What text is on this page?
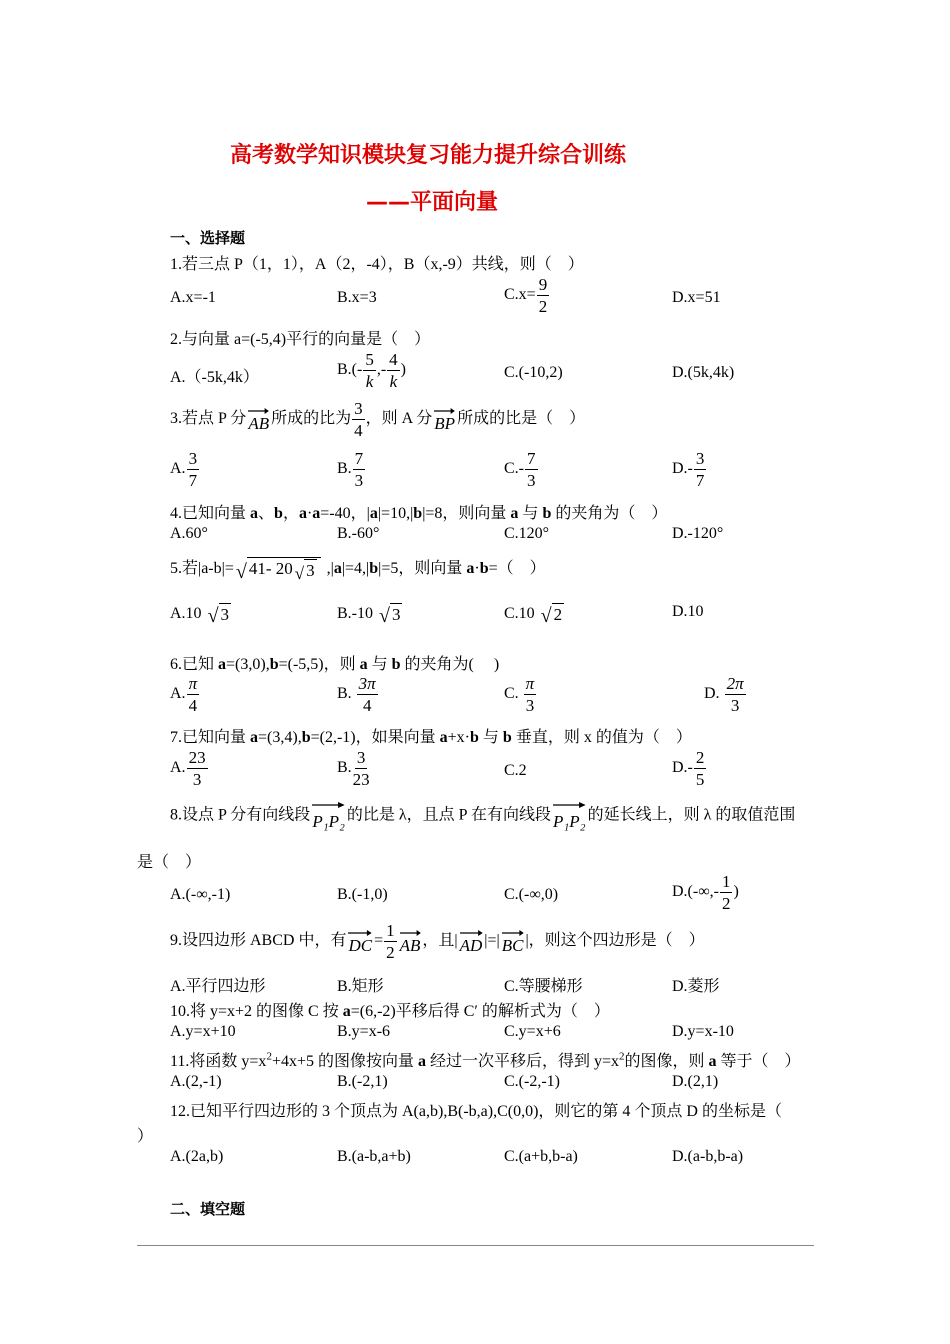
高考数学知识模块复习能力提升综合训练
——平面向量
一、选择题
1.若三点 P（1，1），A（2，-4），B（x,-9）共线，则（　）
A.x=-1	B.x=3	$C.x= \frac{9}{2}$	D.x=51
2.与向量 a=(-5,4)平行的向量是（　）
A.（-5k,4k）	$B.(- \frac{5}{k}$ ,- $\frac{4}{k}$ )	C.(-10,2)	D.(5k,4k)
3.若点 P 分 AB 所成的比为 $\frac{3}{4}$ ，则 A 分 BP 所成的比是（　）
A. $\frac{3}{7}$	B. $\frac{7}{3}$	$C.- \frac{7}{3}$	$D.- \frac{3}{7}$
4.已知向量 a、b，a·a=-40，|a|=10,|b|=8，则向量 a 与 b 的夹角为（　）
A.60°	B.-60°	C.120°	D.-120°
5.若|a-b|= √ 41- 20 √ 3 ,|a|=4,|b|=5，则向量 a·b=（　）
A.10 √ 3	B.-10 √ 3	C.10 √ 2	D.10
6.已知 a=(3,0),b=(-5,5)，则 a 与 b 的夹角为(　 )
A. $\frac{\pi}{4}$	B. $\frac{3\pi}{4}$	C. $\frac{\pi}{3}$	D. $\frac{2\pi}{3}$
7.已知向量 a=(3,4),b=(2,-1)，如果向量 a+x·b 与 b 垂直，则 x 的值为（　）
A. $\frac{23}{3}$	B. $\frac{3}{23}$	C.2	$D.- \frac{2}{5}$
8.设点 P 分有向线段 P₁P₂ 的比是 λ，且点 P 在有向线段 P₁P₂ 的延长线上，则 λ 的取值范围
是（　）
A.(-∞,-1)	B.(-1,0)	C.(-∞,0)	$D.(-\infty,- \frac{1}{2}$ )
9.设四边形 ABCD 中，有 DC = $\frac{1}{2}$ AB ，且| AD |=| BC |，则这个四边形是（　）
A.平行四边形	B.矩形	C.等腰梯形	D.菱形
10.将 y=x+2 的图像 C 按 a=(6,-2)平移后得 C′ 的解析式为（　）
A.y=x+10	B.y=x-6	C.y=x+6	D.y=x-10
11.将函数 $y=x^2+4x+5$ 的图像按向量 a 经过一次平移后，得到 $y=x^2$的图像，则 a 等于（　）
A.(2,-1)	B.(-2,1)	C.(-2,-1)	D.(2,1)
12.已知平行四边形的 3 个顶点为 A(a,b),B(-b,a),C(0,0)，则它的第 4 个顶点 D 的坐标是（
）
A.(2a,b)	B.(a-b,a+b)	C.(a+b,b-a)	D.(a-b,b-a)
二、填空题
